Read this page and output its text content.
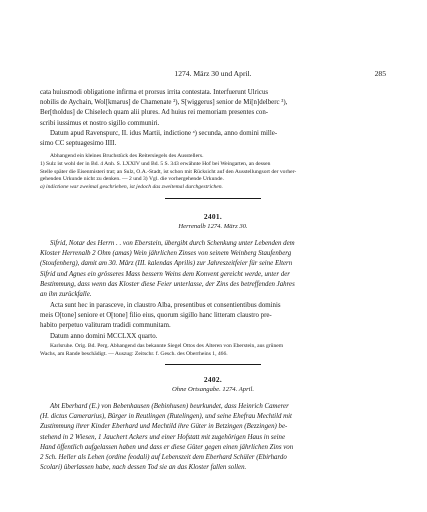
1274. März 30 und April.	285
cata huiusmodi obligatione infirma et prorsus irrita contestata. Interfuerunt Ulricus
nobilis de Aychain, Wol[kmarus] de Chamenate ²), S[wiggerus] senior de Mi[n]delberc ³),
Ber[tholdus] de Chiselech quam alii plures. Ad huius rei memoriam presentes con-
scribi iussimus et nostro sigillo communiri.
Datum apud Ravenspurc, II. idus Martii, indictione ᵃ) secunda, anno domini mille-
simo CC septuagesimo IIII.
Abhangend ein kleines Bruchstück des Reitersiegels des Ausstellers.
1) Sulz ist wohl der in Bd. 4 Anh. S. LXXIV und Bd. 5 S. 343 erwähnte Hof bei Weingarten, an dessen
Stelle später die Eisenmisteri trat; an Sulz, O.A.-Stadt, ist schon mit Rücksicht auf den Ausstellungsort der vorher-
gehenden Urkunde nicht zu denken. — 2 und 3) Vgl. die vorhergehende Urkunde.
a) indictione war zweimal geschrieben, ist jedoch das zweitemal durchgestrichen.
2401.
Herrenalb 1274. März 30.
Sifrid, Notar des Herrn . . von Eberstein, übergibt durch Schenkung unter Lebenden dem
Kloster Herrenalb 2 Ohm (amas) Wein jährlichen Zinses von seinem Weinberg Staufenberg
(Stoufenberg), damit am 30. März (III. kalendas Aprilis) zur Jahreszeitfeier für seine Eltern
Sifrid und Agnes ein grösseres Mass bessern Weins dem Konvent gereicht werde, unter der
Bestimmung, dass wenn das Kloster diese Feier unterlasse, der Zins des betreffenden Jahres
an ihn zurückfalle.
Acta sunt hec in parasceve, in claustro Alba, presentibus et consentientibus dominis
meis O[tone] seniore et O[tone] filio eius, quorum sigillo hanc litteram claustro pre-
habito perpetuo valituram tradidi communitam.
Datum anno domini MCCLXX quarto.
Karlsruhe. Orig. Bd. Perg. Abhangend das bekannte Siegel Ottos des Älteren von Eberstein, aus grünem
Wachs, am Rande beschädigt. — Auszug: Zeitschr. f. Gesch. des Oberrheins 1, 466.
2402.
Ohne Ortsangabe. 1274. April.
Abt Eberhard (E.) von Bebenhausen (Bebinhusen) beurkundet, dass Heinrich Camerer
(H. dictus Camerarius), Bürger in Reutlingen (Rutelingen), und seine Ehefrau Mechtild mit
Zustimmung ihrer Kinder Eberhard und Mechtild ihre Güter in Betzingen (Bezzingen) be-
stehend in 2 Wiesen, 1 Jauchert Ackers und einer Hofstatt mit zugehörigen Haus in seine
Hand öffentlich aufgelassen haben und dass er diese Güter gegen einen jährlichen Zins von
2 Sch. Heller als Lehen (ordine feodali) auf Lebenszeit dem Eberhard Schüler (Ebirhardo
Scolari) überlassen habe, nach dessen Tod sie an das Kloster fallen sollen.
